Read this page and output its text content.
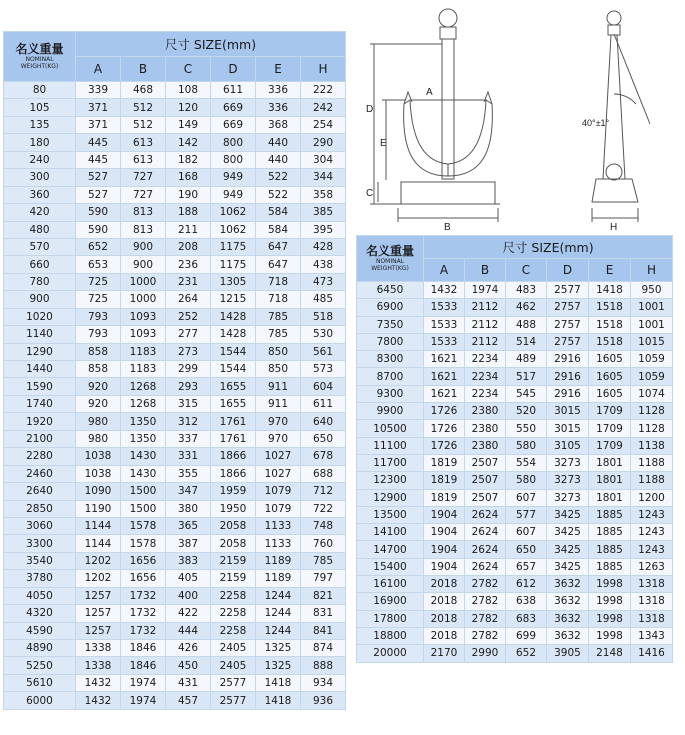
名义重量
NOMINAL
WEIGHT(KG)	尺寸 SIZE(mm)					
	A	B	C	D	E	H
80	339	468	108	611	336	222
105	371	512	120	669	336	242
135	371	512	149	669	368	254
180	445	613	142	800	440	290
240	445	613	182	800	440	304
300	527	727	168	949	522	344
360	527	727	190	949	522	358
420	590	813	188	1062	584	385
480	590	813	211	1062	584	395
570	652	900	208	1175	647	428
660	653	900	236	1175	647	438
780	725	1000	231	1305	718	473
900	725	1000	264	1215	718	485
1020	793	1093	252	1428	785	518
1140	793	1093	277	1428	785	530
1290	858	1183	273	1544	850	561
1440	858	1183	299	1544	850	573
1590	920	1268	293	1655	911	604
1740	920	1268	315	1655	911	611
1920	980	1350	312	1761	970	640
2100	980	1350	337	1761	970	650
2280	1038	1430	331	1866	1027	678
2460	1038	1430	355	1866	1027	688
2640	1090	1500	347	1959	1079	712
2850	1190	1500	380	1950	1079	722
3060	1144	1578	365	2058	1133	748
3300	1144	1578	387	2058	1133	760
3540	1202	1656	383	2159	1189	785
3780	1202	1656	405	2159	1189	797
4050	1257	1732	400	2258	1244	821
4320	1257	1732	422	2258	1244	831
4590	1257	1732	444	2258	1244	841
4890	1338	1846	426	2405	1325	874
5250	1338	1846	450	2405	1325	888
5610	1432	1974	431	2577	1418	934
6000	1432	1974	457	2577	1418	936
A
D
E
C
B	H
40°±1°
名义重量
NOMINAL
WEIGHT(KG)	尺寸 SIZE(mm)					
	A	B	C	D	E	H
6450	1432	1974	483	2577	1418	950
6900	1533	2112	462	2757	1518	1001
7350	1533	2112	488	2757	1518	1001
7800	1533	2112	514	2757	1518	1015
8300	1621	2234	489	2916	1605	1059
8700	1621	2234	517	2916	1605	1059
9300	1621	2234	545	2916	1605	1074
9900	1726	2380	520	3015	1709	1128
10500	1726	2380	550	3015	1709	1128
11100	1726	2380	580	3105	1709	1138
11700	1819	2507	554	3273	1801	1188
12300	1819	2507	580	3273	1801	1188
12900	1819	2507	607	3273	1801	1200
13500	1904	2624	577	3425	1885	1243
14100	1904	2624	607	3425	1885	1243
14700	1904	2624	650	3425	1885	1243
15400	1904	2624	657	3425	1885	1263
16100	2018	2782	612	3632	1998	1318
16900	2018	2782	638	3632	1998	1318
17800	2018	2782	683	3632	1998	1318
18800	2018	2782	699	3632	1998	1343
20000	2170	2990	652	3905	2148	1416
